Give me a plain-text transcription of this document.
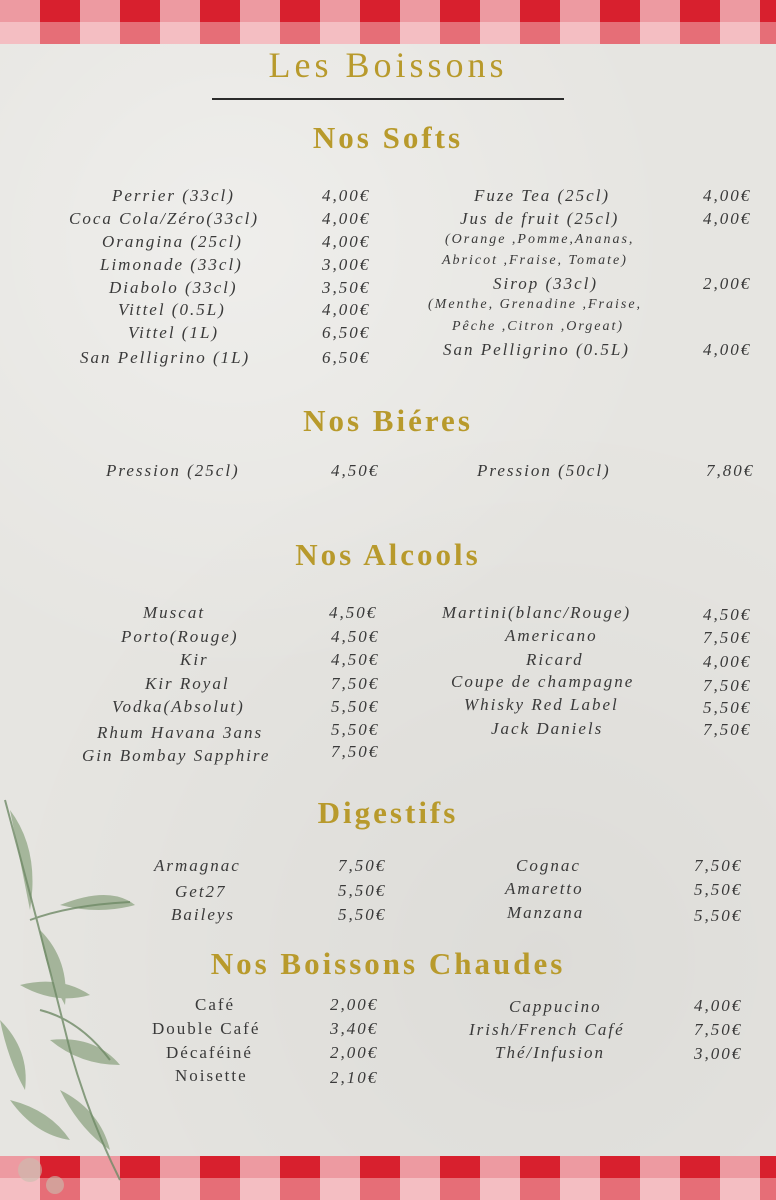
Les Boissons
Nos Softs
Perrier (33cl)	4,00€
Coca Cola/Zéro(33cl)	4,00€
Orangina (25cl)	4,00€
Limonade (33cl)	3,00€
Diabolo (33cl)	3,50€
Vittel (0.5L)	4,00€
Vittel (1L)	6,50€
San Pelligrino (1L)	6,50€
Fuze Tea (25cl)	4,00€
Jus de fruit (25cl)	4,00€
(Orange ,Pomme,Ananas,
Abricot ,Fraise, Tomate)
Sirop (33cl)	2,00€
(Menthe, Grenadine ,Fraise,
Pêche ,Citron ,Orgeat)
San Pelligrino (0.5L)	4,00€
Nos Biéres
Pression (25cl)	4,50€	Pression (50cl)	7,80€
Nos Alcools
Muscat	4,50€
Porto(Rouge)	4,50€
Kir	4,50€
Kir Royal	7,50€
Vodka(Absolut)	5,50€
Rhum Havana 3ans	5,50€
Gin Bombay Sapphire	7,50€
Martini(blanc/Rouge)	4,50€
Americano	7,50€
Ricard	4,00€
Coupe de champagne	7,50€
Whisky Red Label	5,50€
Jack Daniels	7,50€
Digestifs
Armagnac	7,50€
Get27	5,50€
Baileys	5,50€
Cognac	7,50€
Amaretto	5,50€
Manzana	5,50€
Nos Boissons Chaudes
Café	2,00€
Double Café	3,40€
Décaféiné	2,00€
Noisette	2,10€
Cappucino	4,00€
Irish/French Café	7,50€
Thé/Infusion	3,00€
